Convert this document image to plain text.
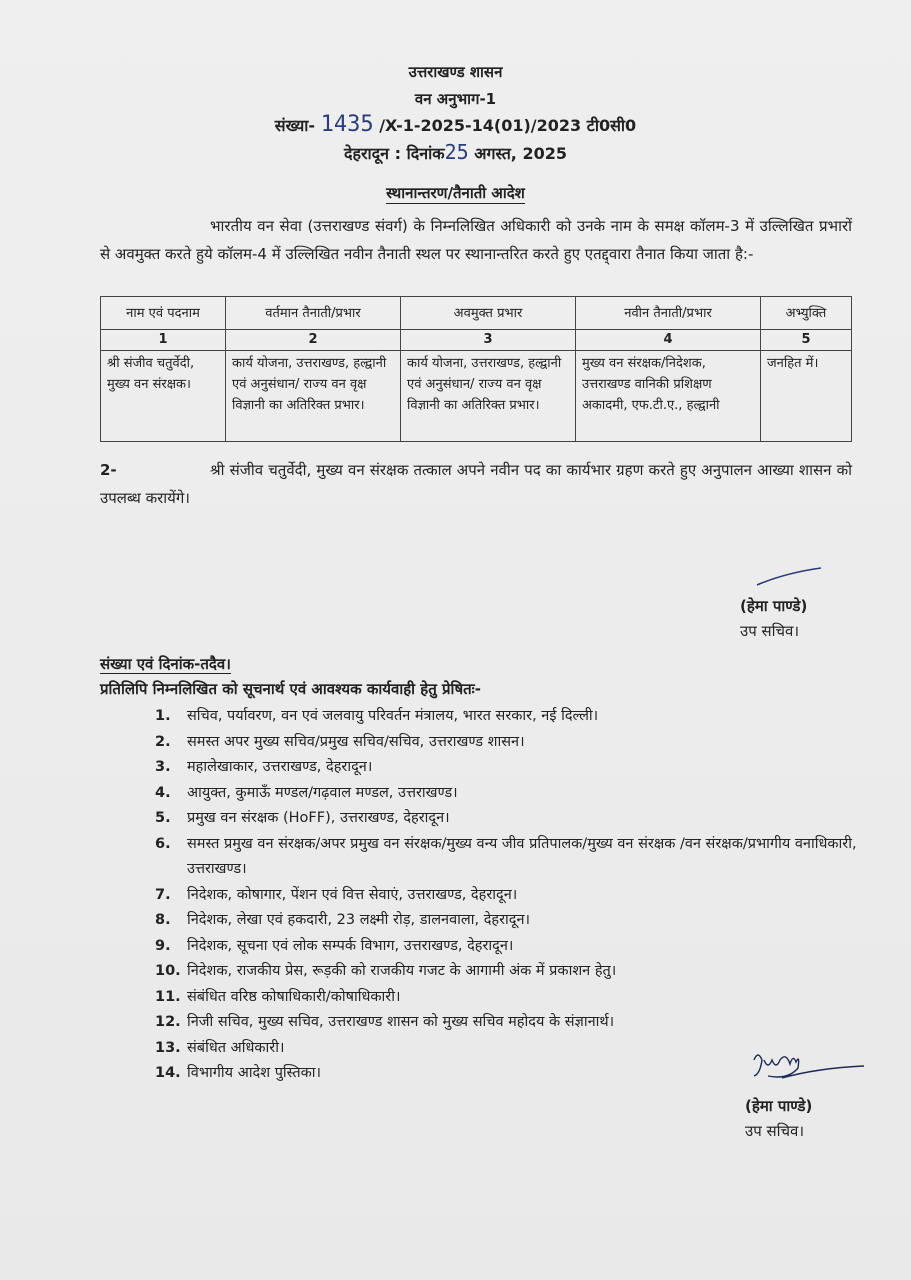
उत्तराखण्ड शासन
वन अनुभाग-1
संख्या- 1435 /X-1-2025-14(01)/2023 टी0सी0
देहरादून : दिनांक25 अगस्त, 2025
स्थानान्तरण/तैनाती आदेश
भारतीय वन सेवा (उत्तराखण्ड संवर्ग) के निम्नलिखित अधिकारी को उनके नाम के समक्ष कॉलम-3 में उल्लिखित प्रभारों से अवमुक्त करते हुये कॉलम-4 में उल्लिखित नवीन तैनाती स्थल पर स्थानान्तरित करते हुए एतद्द्वारा तैनात किया जाता है:-
नाम एवं पदनाम	वर्तमान तैनाती/प्रभार	अवमुक्त प्रभार	नवीन तैनाती/प्रभार	अभ्युक्ति
1	2	3	4	5
श्री संजीव चतुर्वेदी, मुख्य वन संरक्षक।	कार्य योजना, उत्तराखण्ड, हल्द्वानी एवं अनुसंधान/ राज्य वन वृक्ष विज्ञानी का अतिरिक्त प्रभार।	कार्य योजना, उत्तराखण्ड, हल्द्वानी एवं अनुसंधान/ राज्य वन वृक्ष विज्ञानी का अतिरिक्त प्रभार।	मुख्य वन संरक्षक/निदेशक, उत्तराखण्ड वानिकी प्रशिक्षण अकादमी, एफ.टी.ए., हल्द्वानी	जनहित में।
2-	श्री संजीव चतुर्वेदी, मुख्य वन संरक्षक तत्काल अपने नवीन पद का कार्यभार ग्रहण करते हुए अनुपालन आख्या शासन को उपलब्ध करायेंगे।
(हेमा पाण्डे)
उप सचिव।
संख्या एवं दिनांक-तदैव।
प्रतिलिपि निम्नलिखित को सूचनार्थ एवं आवश्यक कार्यवाही हेतु प्रेषितः-
1. सचिव, पर्यावरण, वन एवं जलवायु परिवर्तन मंत्रालय, भारत सरकार, नई दिल्ली।
2. समस्त अपर मुख्य सचिव/प्रमुख सचिव/सचिव, उत्तराखण्ड शासन।
3. महालेखाकार, उत्तराखण्ड, देहरादून।
4. आयुक्त, कुमाऊँ मण्डल/गढ़वाल मण्डल, उत्तराखण्ड।
5. प्रमुख वन संरक्षक (HoFF), उत्तराखण्ड, देहरादून।
6. समस्त प्रमुख वन संरक्षक/अपर प्रमुख वन संरक्षक/मुख्य वन्य जीव प्रतिपालक/मुख्य वन संरक्षक /वन संरक्षक/प्रभागीय वनाधिकारी, उत्तराखण्ड।
7. निदेशक, कोषागार, पेंशन एवं वित्त सेवाएं, उत्तराखण्ड, देहरादून।
8. निदेशक, लेखा एवं हकदारी, 23 लक्ष्मी रोड़, डालनवाला, देहरादून।
9. निदेशक, सूचना एवं लोक सम्पर्क विभाग, उत्तराखण्ड, देहरादून।
10. निदेशक, राजकीय प्रेस, रूड़की को राजकीय गजट के आगामी अंक में प्रकाशन हेतु।
11. संबंधित वरिष्ठ कोषाधिकारी/कोषाधिकारी।
12. निजी सचिव, मुख्य सचिव, उत्तराखण्ड शासन को मुख्य सचिव महोदय के संज्ञानार्थ।
13. संबंधित अधिकारी।
14. विभागीय आदेश पुस्तिका।
(हेमा पाण्डे)
उप सचिव।
